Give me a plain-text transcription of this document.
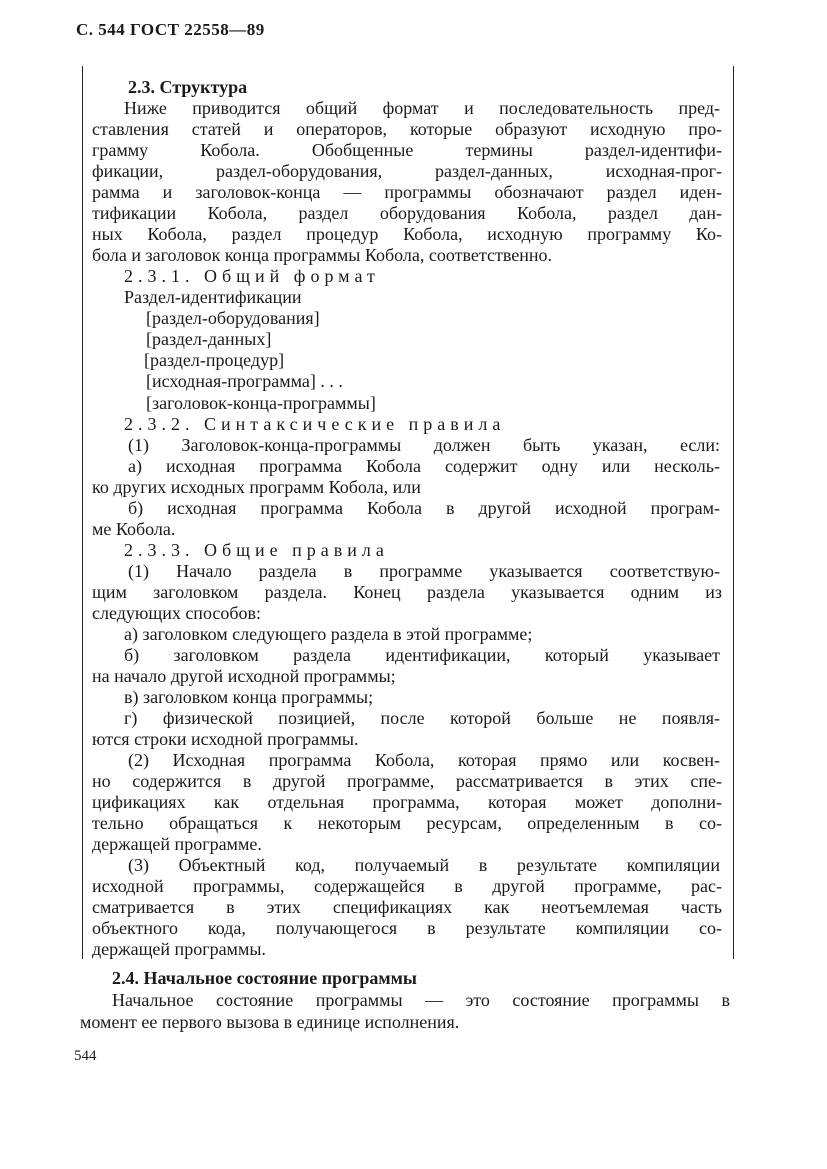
С. 544 ГОСТ 22558—89
2.3. Структура
Ниже приводится общий формат и последовательность пред-
ставления статей и операторов, которые образуют исходную про-
грамму Кобола. Обобщенные термины раздел-идентифи-
фикации, раздел-оборудования, раздел-данных, исходная-прог-
рамма и заголовок-конца — программы обозначают раздел иден-
тификации Кобола, раздел оборудования Кобола, раздел дан-
ных Кобола, раздел процедур Кобола, исходную программу Ко-
бола и заголовок конца программы Кобола, соответственно.
2.3.1. Общий формат
Раздел-идентификации
[раздел-оборудования]
[раздел-данных]
[раздел-процедур]
[исходная-программа] . . .
[заголовок-конца-программы]
2.3.2. Синтаксические правила
(1) Заголовок-конца-программы должен быть указан, если:
а) исходная программа Кобола содержит одну или несколь-
ко других исходных программ Кобола, или
б) исходная программа Кобола в другой исходной програм-
ме Кобола.
2.3.3. Общие правила
(1) Начало раздела в программе указывается соответствую-
щим заголовком раздела. Конец раздела указывается одним из
следующих способов:
а) заголовком следующего раздела в этой программе;
б) заголовком раздела идентификации, который указывает
на начало другой исходной программы;
в) заголовком конца программы;
г) физической позицией, после которой больше не появля-
ются строки исходной программы.
(2) Исходная программа Кобола, которая прямо или косвен-
но содержится в другой программе, рассматривается в этих спе-
цификациях как отдельная программа, которая может дополни-
тельно обращаться к некоторым ресурсам, определенным в со-
держащей программе.
(3) Объектный код, получаемый в результате компиляции
исходной программы, содержащейся в другой программе, рас-
сматривается в этих спецификациях как неотъемлемая часть
объектного кода, получающегося в результате компиляции со-
держащей программы.
2.4. Начальное состояние программы
Начальное состояние программы — это состояние программы в
момент ее первого вызова в единице исполнения.
544
